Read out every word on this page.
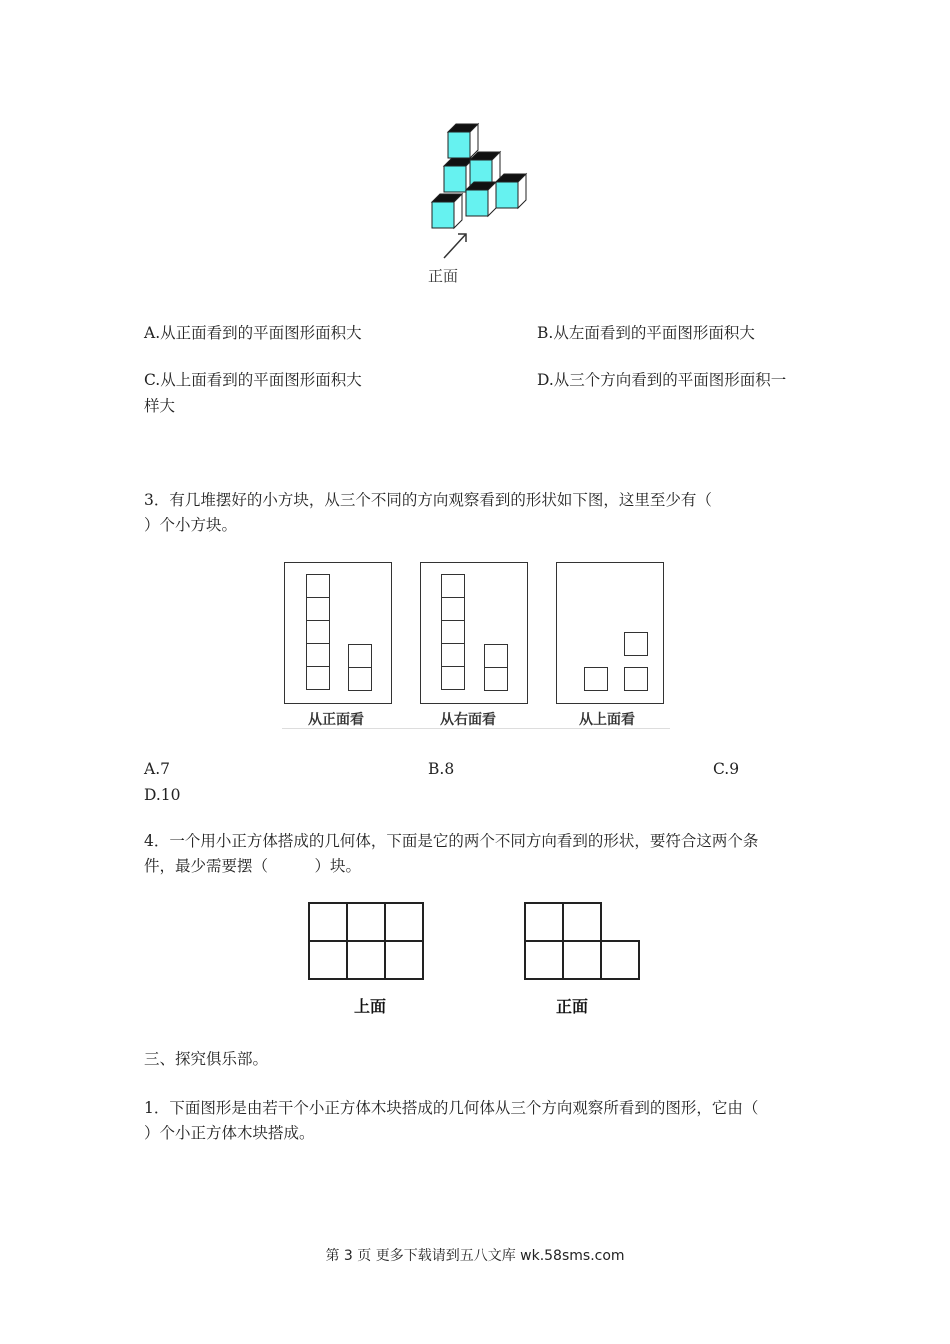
正面
A.从正面看到的平面图形面积大	B.从左面看到的平面图形面积大
C.从上面看到的平面图形面积大	D.从三个方向看到的平面图形面积一
样大
3．有几堆摆好的小方块，从三个不同的方向观察看到的形状如下图，这里至少有（
）个小方块。
从正面看	从右面看	从上面看
A.7	B.8	C.9
D.10
4．一个用小正方体搭成的几何体，下面是它的两个不同方向看到的形状，要符合这两个条
件，最少需要摆（　　　）块。
上面	正面
三、探究俱乐部。
1．下面图形是由若干个小正方体木块搭成的几何体从三个方向观察所看到的图形，它由（
）个小正方体木块搭成。
第 3 页 更多下载请到五八文库 wk.58sms.com
